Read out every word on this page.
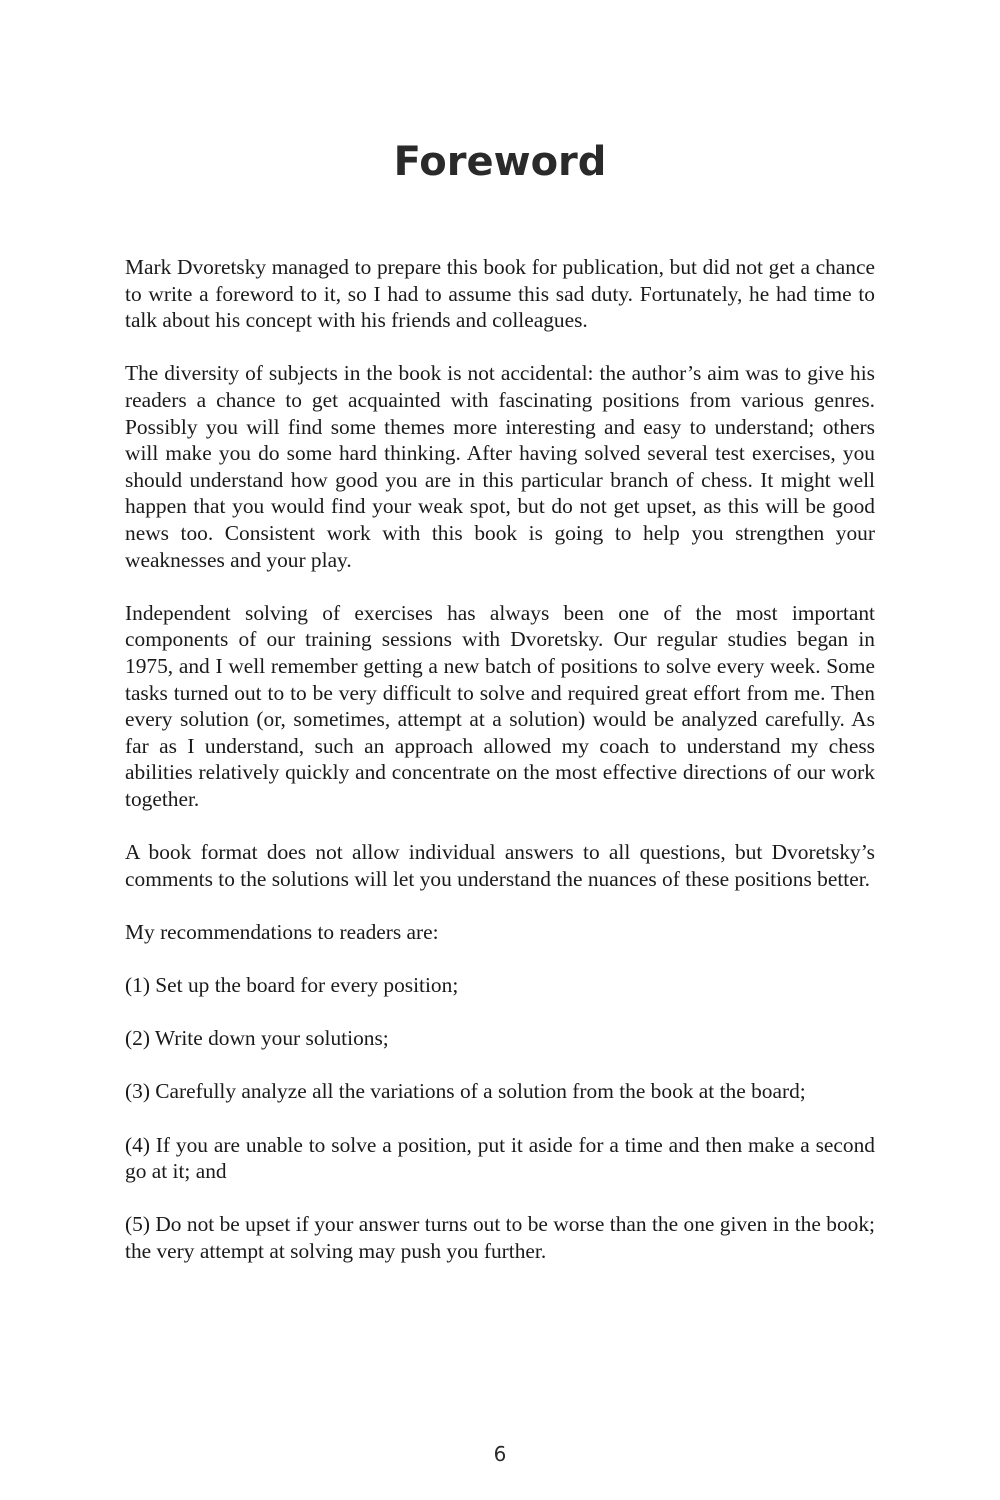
Foreword

Mark Dvoretsky managed to prepare this book for publication, but did not get a chance to write a foreword to it, so I had to assume this sad duty. Fortunately, he had time to talk about his concept with his friends and colleagues.

The diversity of subjects in the book is not accidental: the author’s aim was to give his readers a chance to get acquainted with fascinating positions from various genres. Possibly you will find some themes more interesting and easy to understand; others will make you do some hard thinking. After having solved several test exercises, you should understand how good you are in this particular branch of chess. It might well happen that you would find your weak spot, but do not get upset, as this will be good news too. Consistent work with this book is going to help you strengthen your weaknesses and your play.

Independent solving of exercises has always been one of the most important components of our training sessions with Dvoretsky. Our regular studies began in 1975, and I well remember getting a new batch of positions to solve every week. Some tasks turned out to to be very difficult to solve and required great effort from me. Then every solution (or, sometimes, attempt at a solution) would be analyzed carefully. As far as I understand, such an approach allowed my coach to understand my chess abilities relatively quickly and concentrate on the most effective directions of our work together.

A book format does not allow individual answers to all questions, but Dvoretsky’s comments to the solutions will let you understand the nuances of these positions better.

My recommendations to readers are:

(1) Set up the board for every position;

(2) Write down your solutions;

(3) Carefully analyze all the variations of a solution from the book at the board;

(4) If you are unable to solve a position, put it aside for a time and then make a second go at it; and

(5) Do not be upset if your answer turns out to be worse than the one given in the book; the very attempt at solving may push you further.

6
